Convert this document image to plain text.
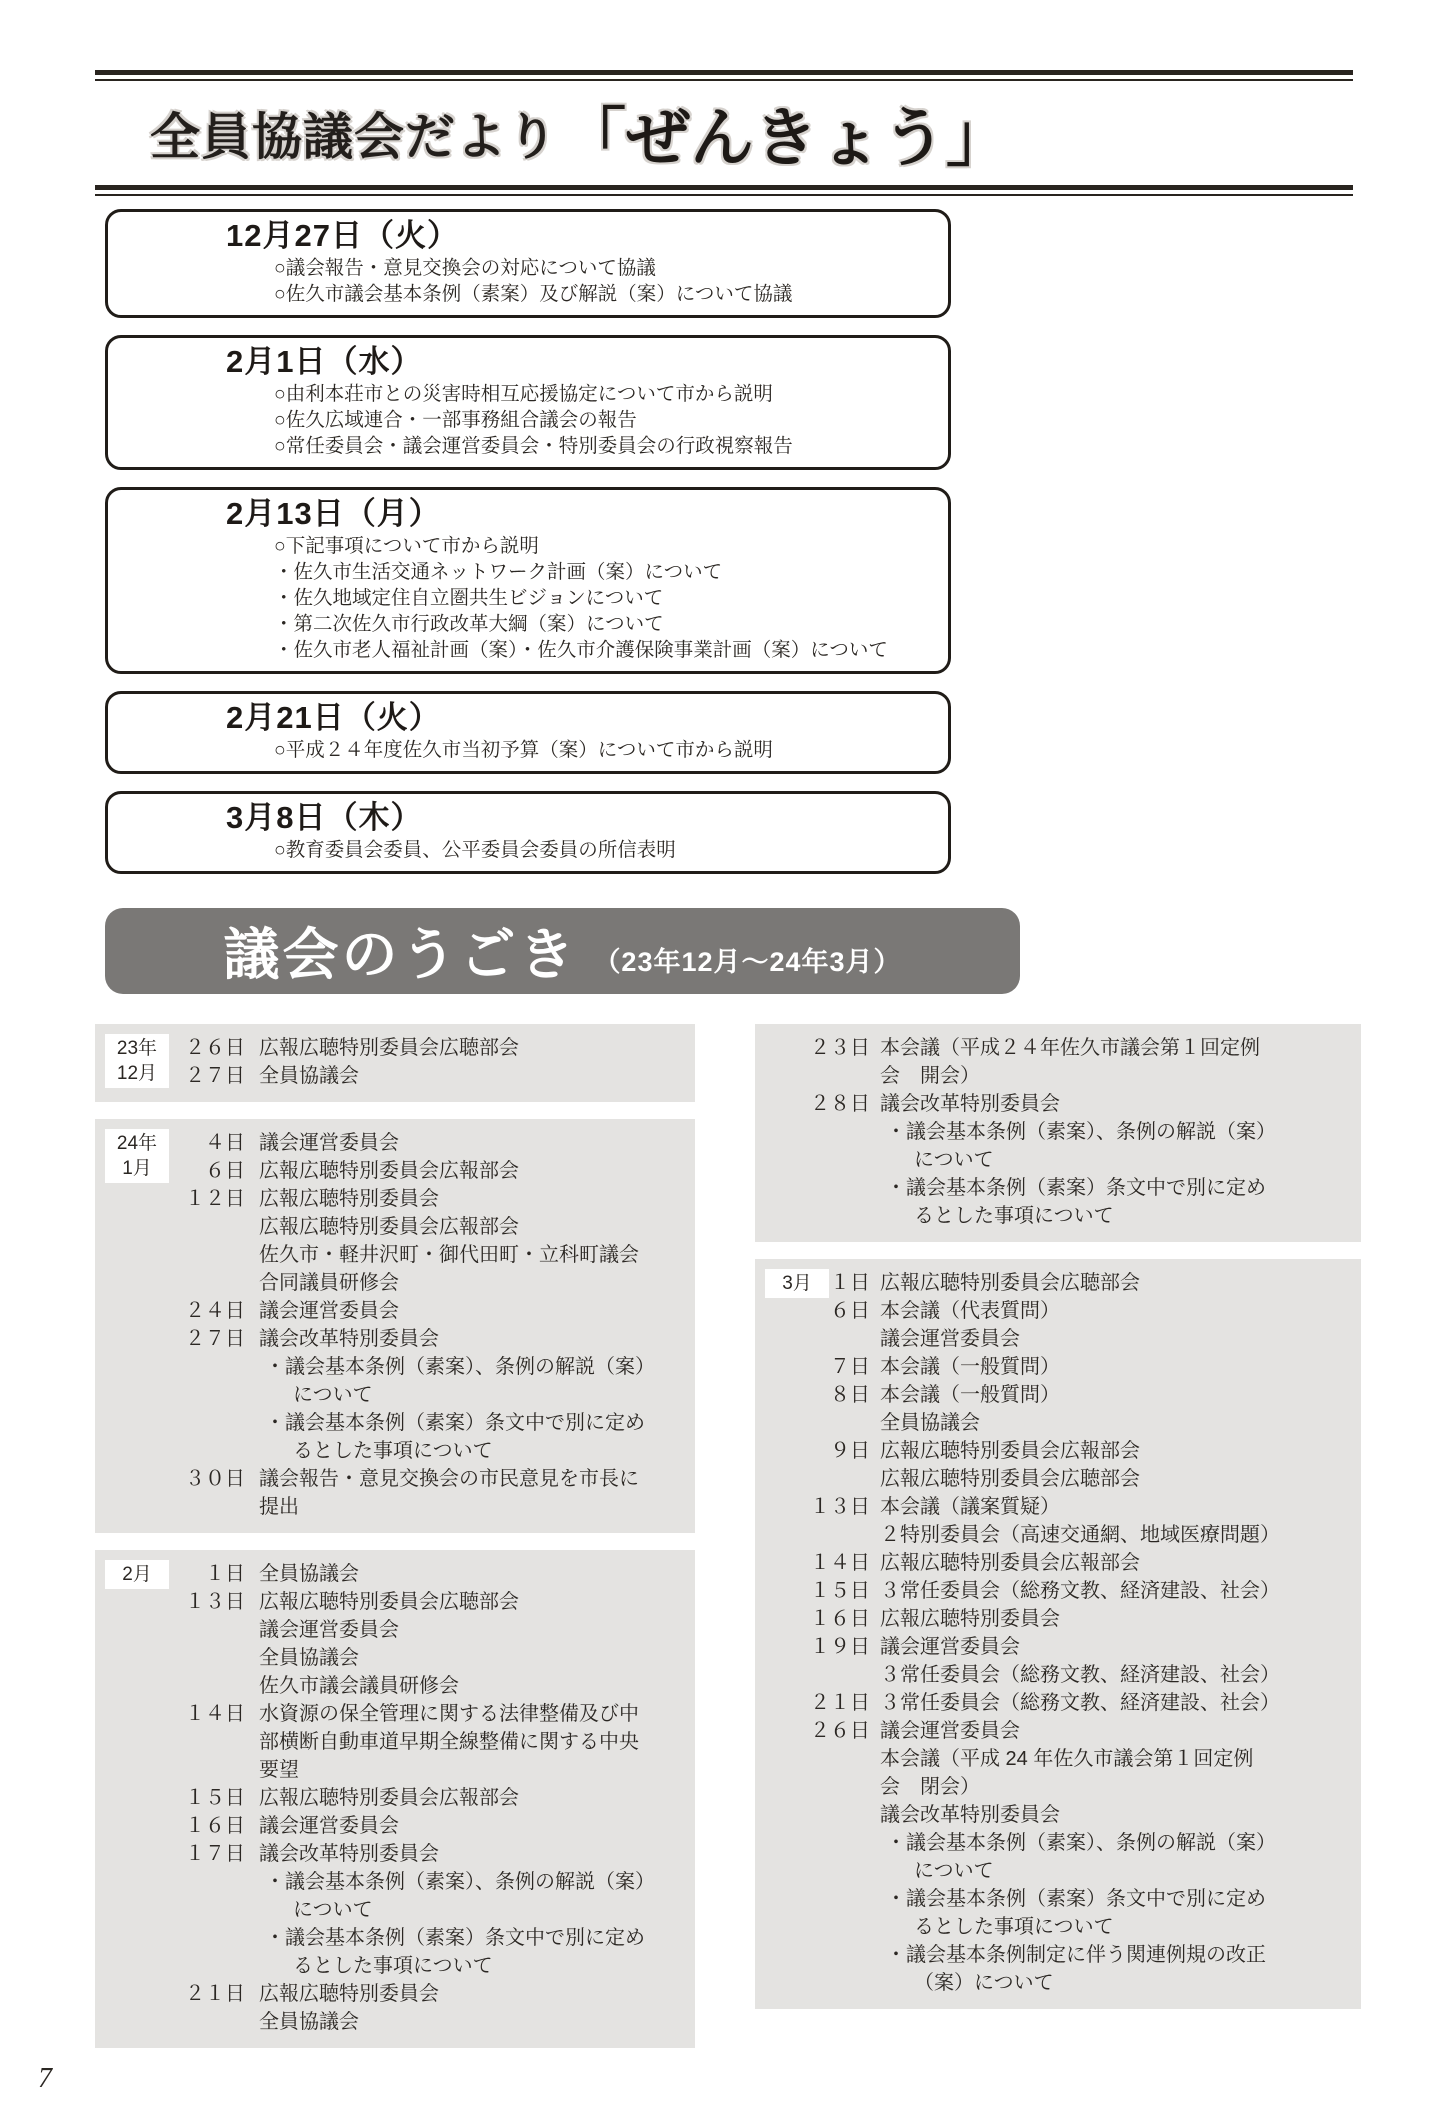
全員協議会だより 「ぜんきょう」
12月27日（火）
○議会報告・意見交換会の対応について協議
○佐久市議会基本条例（素案）及び解説（案）について協議
2月1日（水）
○由利本荘市との災害時相互応援協定について市から説明
○佐久広域連合・一部事務組合議会の報告
○常任委員会・議会運営委員会・特別委員会の行政視察報告
2月13日（月）
○下記事項について市から説明
・佐久市生活交通ネットワーク計画（案）について
・佐久地域定住自立圏共生ビジョンについて
・第二次佐久市行政改革大綱（案）について
・佐久市老人福祉計画（案）・佐久市介護保険事業計画（案）について
2月21日（火）
○平成２４年度佐久市当初予算（案）について市から説明
3月8日（木）
○教育委員会委員、公平委員会委員の所信表明
議会のうごき （23年12月～24年3月）
23年
12月
２６日 広報広聴特別委員会広聴部会
２７日 全員協議会
24年
1月
４日 議会運営委員会
６日 広報広聴特別委員会広報部会
１２日 広報広聴特別委員会
広報広聴特別委員会広報部会
佐久市・軽井沢町・御代田町・立科町議会
合同議員研修会
２４日 議会運営委員会
２７日 議会改革特別委員会
・議会基本条例（素案）、条例の解説（案）
について
・議会基本条例（素案）条文中で別に定め
るとした事項について
３０日 議会報告・意見交換会の市民意見を市長に
提出
2月	１日 全員協議会
１３日 広報広聴特別委員会広聴部会
議会運営委員会
全員協議会
佐久市議会議員研修会
１４日 水資源の保全管理に関する法律整備及び中
部横断自動車道早期全線整備に関する中央
要望
１５日 広報広聴特別委員会広報部会
１６日 議会運営委員会
１７日 議会改革特別委員会
・議会基本条例（素案）、条例の解説（案）
について
・議会基本条例（素案）条文中で別に定め
るとした事項について
２１日 広報広聴特別委員会
全員協議会
２３日 本会議（平成２４年佐久市議会第１回定例
会　開会）
２８日 議会改革特別委員会
・議会基本条例（素案）、条例の解説（案）
について
・議会基本条例（素案）条文中で別に定め
るとした事項について
3月 １日 広報広聴特別委員会広聴部会
６日 本会議（代表質問）
議会運営委員会
７日 本会議（一般質問）
８日 本会議（一般質問）
全員協議会
９日 広報広聴特別委員会広報部会
広報広聴特別委員会広聴部会
１３日 本会議（議案質疑）
２特別委員会（高速交通網、地域医療問題）
１４日 広報広聴特別委員会広報部会
１５日 ３常任委員会（総務文教、経済建設、社会）
１６日 広報広聴特別委員会
１９日 議会運営委員会
３常任委員会（総務文教、経済建設、社会）
２１日 ３常任委員会（総務文教、経済建設、社会）
２６日 議会運営委員会
本会議（平成 24 年佐久市議会第１回定例
会　閉会）
議会改革特別委員会
・議会基本条例（素案）、条例の解説（案）
について
・議会基本条例（素案）条文中で別に定め
るとした事項について
・議会基本条例制定に伴う関連例規の改正
（案）について
7
